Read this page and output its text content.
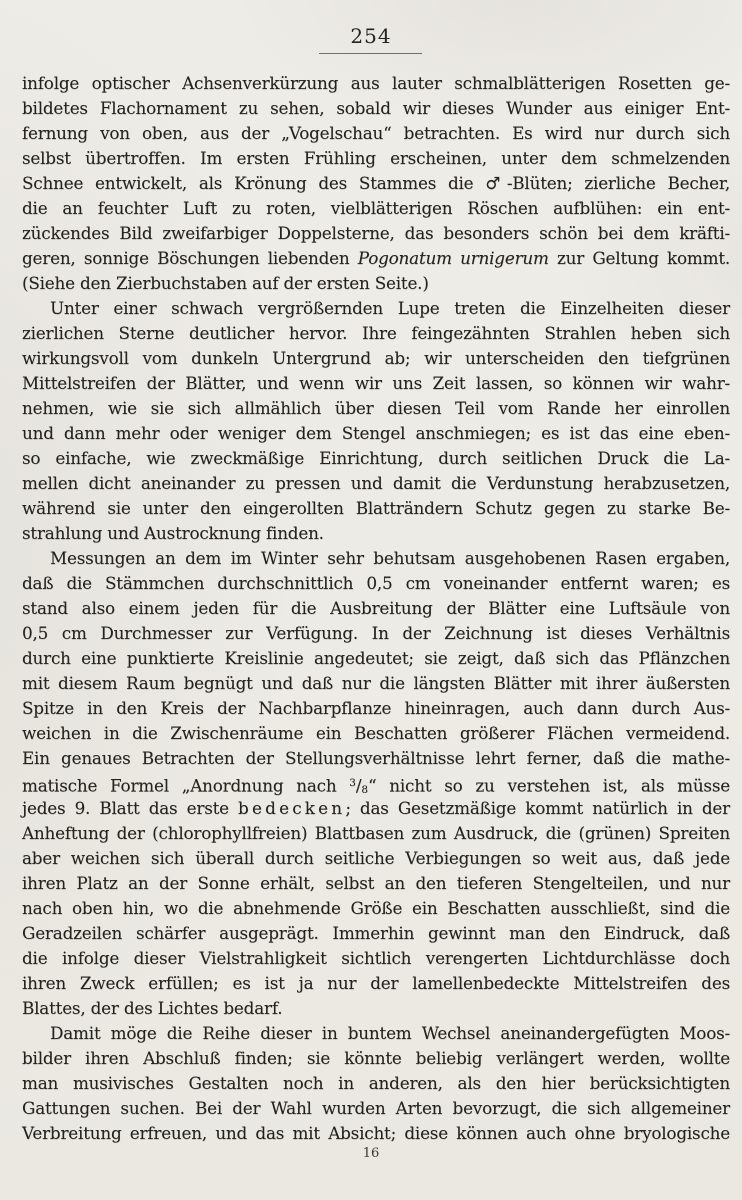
254
infolge optischer Achsenverkürzung aus lauter schmalblätterigen Rosetten ge-
bildetes Flachornament zu sehen, sobald wir dieses Wunder aus einiger Ent-
fernung von oben, aus der „Vogelschau“ betrachten. Es wird nur durch sich
selbst übertroffen. Im ersten Frühling erscheinen, unter dem schmelzenden
Schnee entwickelt, als Krönung des Stammes die ♂-Blüten; zierliche Becher,
die an feuchter Luft zu roten, vielblätterigen Röschen aufblühen: ein ent-
zückendes Bild zweifarbiger Doppelsterne, das besonders schön bei dem kräfti-
geren, sonnige Böschungen liebenden Pogonatum urnigerum zur Geltung kommt.
(Siehe den Zierbuchstaben auf der ersten Seite.)
Unter einer schwach vergrößernden Lupe treten die Einzelheiten dieser
zierlichen Sterne deutlicher hervor. Ihre feingezähnten Strahlen heben sich
wirkungsvoll vom dunkeln Untergrund ab; wir unterscheiden den tiefgrünen
Mittelstreifen der Blätter, und wenn wir uns Zeit lassen, so können wir wahr-
nehmen, wie sie sich allmählich über diesen Teil vom Rande her einrollen
und dann mehr oder weniger dem Stengel anschmiegen; es ist das eine eben-
so einfache, wie zweckmäßige Einrichtung, durch seitlichen Druck die La-
mellen dicht aneinander zu pressen und damit die Verdunstung herabzusetzen,
während sie unter den eingerollten Blatträndern Schutz gegen zu starke Be-
strahlung und Austrocknung finden.
Messungen an dem im Winter sehr behutsam ausgehobenen Rasen ergaben,
daß die Stämmchen durchschnittlich 0,5 cm voneinander entfernt waren; es
stand also einem jeden für die Ausbreitung der Blätter eine Luftsäule von
0,5 cm Durchmesser zur Verfügung. In der Zeichnung ist dieses Verhältnis
durch eine punktierte Kreislinie angedeutet; sie zeigt, daß sich das Pflänzchen
mit diesem Raum begnügt und daß nur die längsten Blätter mit ihrer äußersten
Spitze in den Kreis der Nachbarpflanze hineinragen, auch dann durch Aus-
weichen in die Zwischenräume ein Beschatten größerer Flächen vermeidend.
Ein genaues Betrachten der Stellungsverhältnisse lehrt ferner, daß die mathe-
matische Formel „Anordnung nach $^3$/8“ nicht so zu verstehen ist, als müsse
jedes 9. Blatt das erste bedecken; das Gesetzmäßige kommt natürlich in der
Anheftung der (chlorophyllfreien) Blattbasen zum Ausdruck, die (grünen) Spreiten
aber weichen sich überall durch seitliche Verbiegungen so weit aus, daß jede
ihren Platz an der Sonne erhält, selbst an den tieferen Stengelteilen, und nur
nach oben hin, wo die abnehmende Größe ein Beschatten ausschließt, sind die
Geradzeilen schärfer ausgeprägt. Immerhin gewinnt man den Eindruck, daß
die infolge dieser Vielstrahligkeit sichtlich verengerten Lichtdurchlässe doch
ihren Zweck erfüllen; es ist ja nur der lamellenbedeckte Mittelstreifen des
Blattes, der des Lichtes bedarf.
Damit möge die Reihe dieser in buntem Wechsel aneinandergefügten Moos-
bilder ihren Abschluß finden; sie könnte beliebig verlängert werden, wollte
man musivisches Gestalten noch in anderen, als den hier berücksichtigten
Gattungen suchen. Bei der Wahl wurden Arten bevorzugt, die sich allgemeiner
Verbreitung erfreuen, und das mit Absicht; diese können auch ohne bryologische
16
